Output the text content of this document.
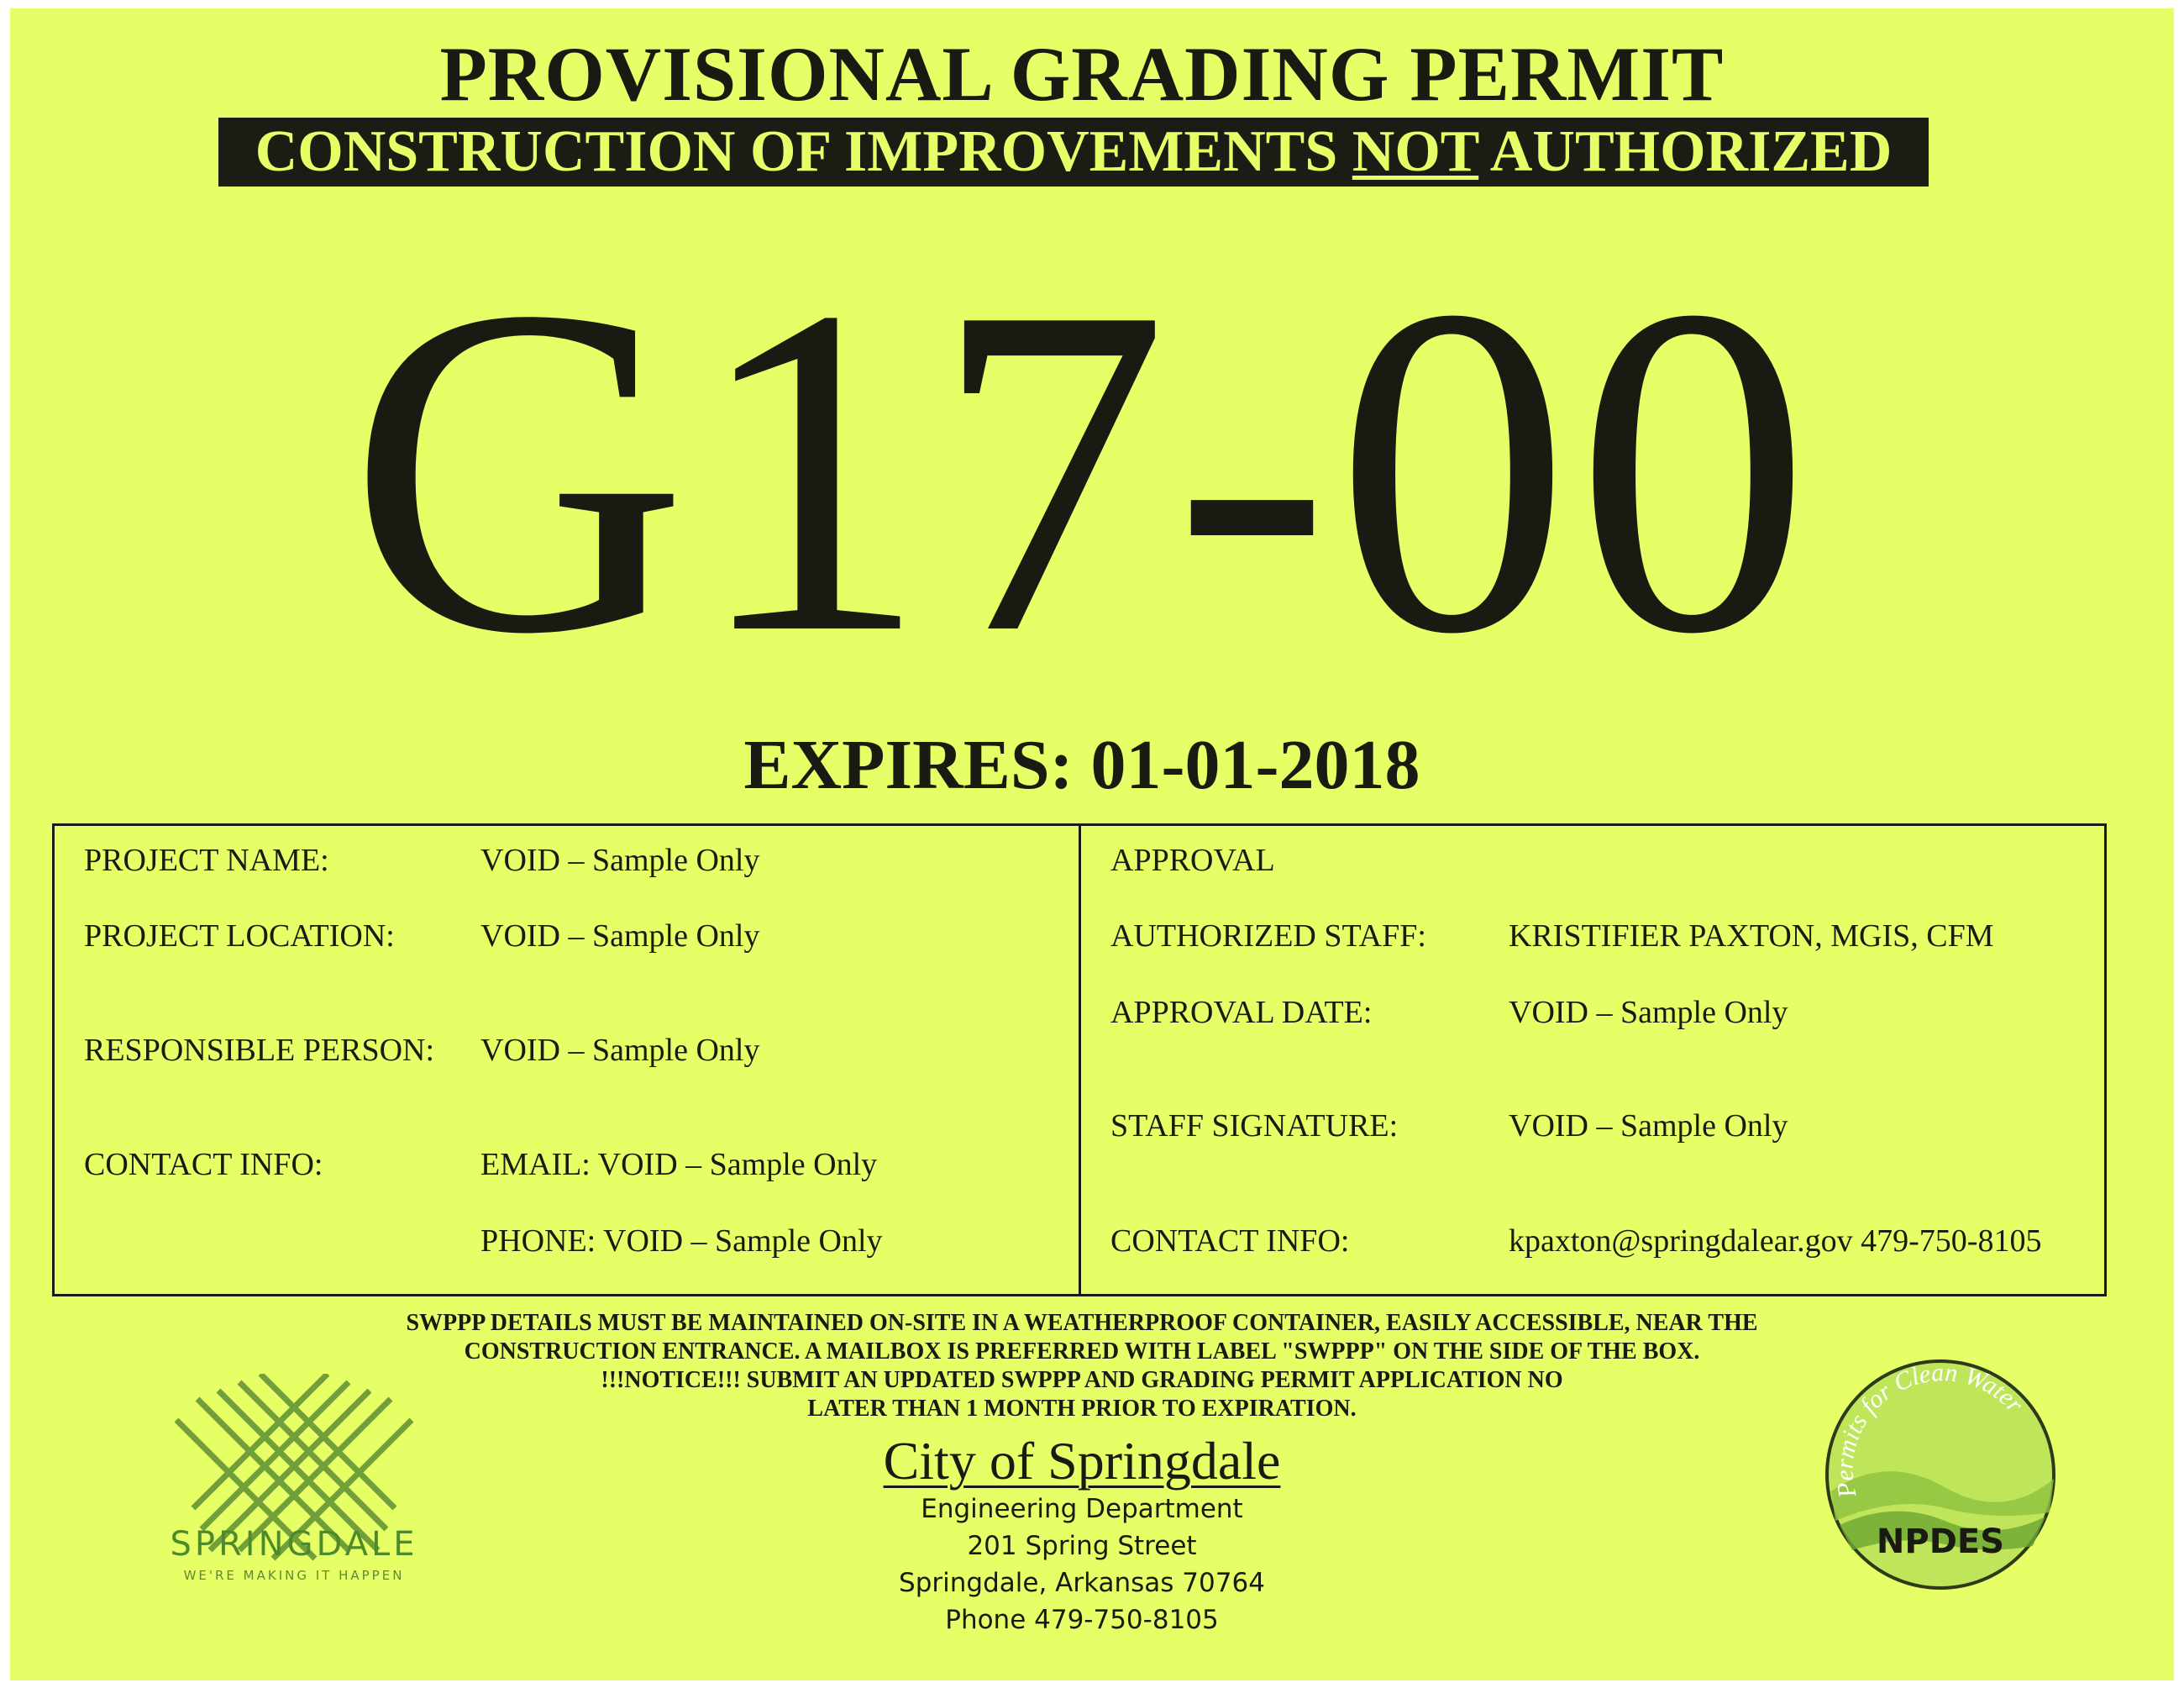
PROVISIONAL GRADING PERMIT
CONSTRUCTION OF IMPROVEMENTS NOT AUTHORIZED
G17-00
EXPIRES: 01-01-2018
PROJECT NAME:	VOID – Sample Only
PROJECT LOCATION:	VOID – Sample Only
RESPONSIBLE PERSON: VOID – Sample Only
CONTACT INFO:	EMAIL: VOID – Sample Only
PHONE: VOID – Sample Only
APPROVAL
AUTHORIZED STAFF:	KRISTIFIER PAXTON, MGIS, CFM
APPROVAL DATE:	VOID – Sample Only
STAFF SIGNATURE:	VOID – Sample Only
CONTACT INFO:	kpaxton@springdalear.gov 479-750-8105
SWPPP DETAILS MUST BE MAINTAINED ON-SITE IN A WEATHERPROOF CONTAINER, EASILY ACCESSIBLE, NEAR THE
CONSTRUCTION ENTRANCE. A MAILBOX IS PREFERRED WITH LABEL "SWPPP" ON THE SIDE OF THE BOX.
!!!NOTICE!!! SUBMIT AN UPDATED SWPPP AND GRADING PERMIT APPLICATION NO
LATER THAN 1 MONTH PRIOR TO EXPIRATION.
City of Springdale
Engineering Department
201 Spring Street
Springdale, Arkansas 70764
Phone 479-750-8105
SPRINGDALE
WE'RE MAKING IT HAPPEN
Permits for Clean Water
NPDES
